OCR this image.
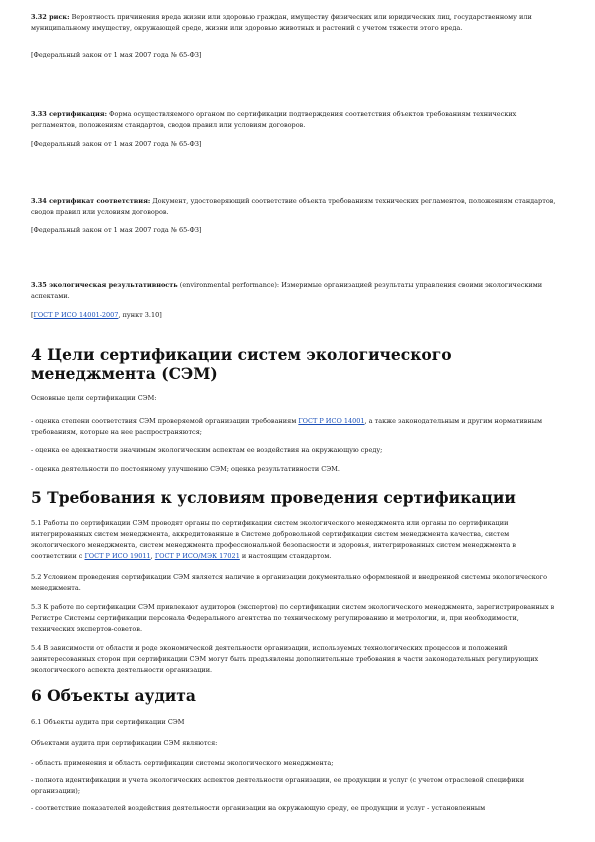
3.32 риск: Вероятность причинения вреда жизни или здоровью граждан, имуществу физических или юридических лиц, государственному или муниципальному имуществу, окружающей среде, жизни или здоровью животных и растений с учетом тяжести этого вреда.

[Федеральный закон от 1 мая 2007 года № 65-ФЗ]

3.33 сертификация: Форма осуществляемого органом по сертификации подтверждения соответствия объектов требованиям технических регламентов, положениям стандартов, сводов правил или условиям договоров.

[Федеральный закон от 1 мая 2007 года № 65-ФЗ]

3.34 сертификат соответствия: Документ, удостоверяющий соответствие объекта требованиям технических регламентов, положениям стандартов, сводов правил или условиям договоров.

[Федеральный закон от 1 мая 2007 года № 65-ФЗ]

3.35 экологическая результативность (environmental performance): Измеримые организацией результаты управления своими экологическими аспектами.

[ГОСТ Р ИСО 14001-2007, пункт 3.10]

4 Цели сертификации систем экологического менеджмента (СЭМ)

Основные цели сертификации СЭМ:

- оценка степени соответствия СЭМ проверяемой организации требованиям ГОСТ Р ИСО 14001, а также законодательным и другим нормативным требованиям, которые на нее распространяются;

- оценка ее адекватности значимым экологическим аспектам ее воздействия на окружающую среду;

- оценка деятельности по постоянному улучшению СЭМ; оценка результативности СЭМ.

5 Требования к условиям проведения сертификации

5.1 Работы по сертификации СЭМ проводят органы по сертификации систем экологического менеджмента или органы по сертификации интегрированных систем менеджмента, аккредитованные в Системе добровольной сертификации систем менеджмента качества, систем экологического менеджмента, систем менеджмента профессиональной безопасности и здоровья, интегрированных систем менеджмента в соответствии с ГОСТ Р ИСО 19011, ГОСТ Р ИСО/МЭК 17021 и настоящим стандартом.

5.2 Условием проведения сертификации СЭМ является наличие в организации документально оформленной и внедренной системы экологического менеджмента.

5.3 К работе по сертификации СЭМ привлекают аудиторов (экспертов) по сертификации систем экологического менеджмента, зарегистрированных в Регистре Системы сертификации персонала Федерального агентства по техническому регулированию и метрологии, и, при необходимости, технических экспертов-советов.

5.4 В зависимости от области и роде экономической деятельности организации, используемых технологических процессов и положений заинтересованных сторон при сертификации СЭМ могут быть предъявлены дополнительные требования в части законодательных регулирующих экологического аспекта деятельности организации.

6 Объекты аудита

6.1 Объекты аудита при сертификации СЭМ

Объектами аудита при сертификации СЭМ являются:

- область применения и область сертификации системы экологического менеджмента;

- полнота идентификации и учета экологических аспектов деятельности организации, ее продукции и услуг (с учетом отраслевой специфики организации);

- соответствие показателей воздействия деятельности организации на окружающую среду, ее продукции и услуг - установленным
